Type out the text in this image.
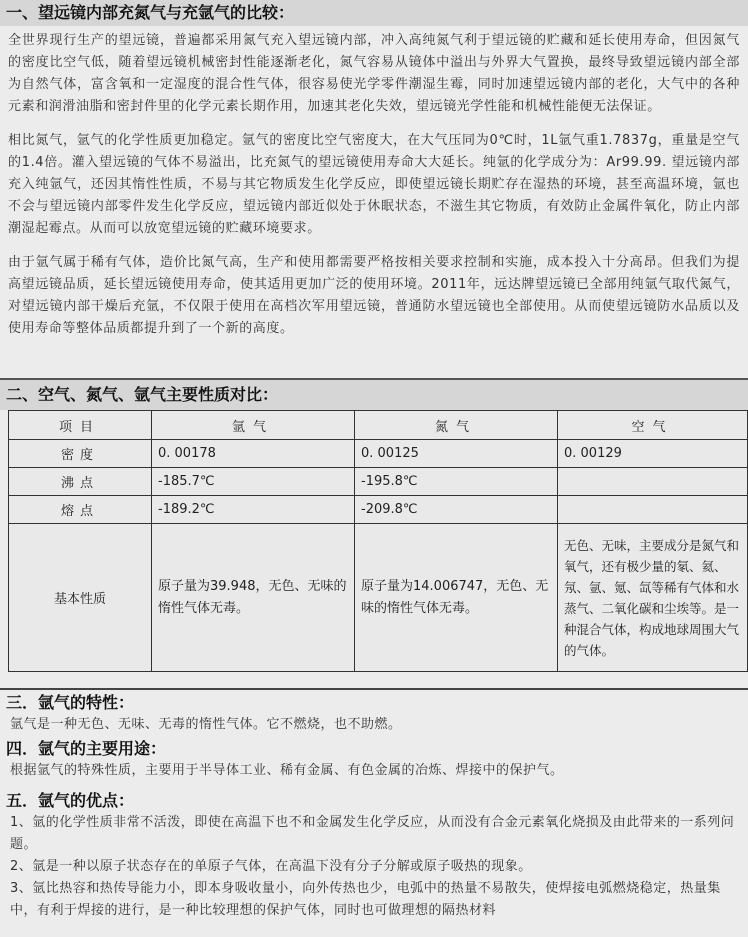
一、望远镜内部充氮气与充氩气的比较：
全世界现行生产的望远镜，普遍都采用氮气充入望远镜内部，冲入高纯氮气利于望远镜的贮藏和延长使用寿命，但因氮气的密度比空气低，随着望远镜机械密封性能逐渐老化，氮气容易从镜体中溢出与外界大气置换，最终导致望远镜内部全部为自然气体，富含氧和一定湿度的混合性气体，很容易使光学零件潮湿生霉，同时加速望远镜内部的老化，大气中的各种元素和润滑油脂和密封件里的化学元素长期作用，加速其老化失效，望远镜光学性能和机械性能便无法保证。
相比氮气，氩气的化学性质更加稳定。氩气的密度比空气密度大，在大气压同为0℃时，1L氩气重1.7837g，重量是空气的1.4倍。灌入望远镜的气体不易溢出，比充氮气的望远镜使用寿命大大延长。纯氩的化学成分为：Ar99.99. 望远镜内部充入纯氩气，还因其惰性性质，不易与其它物质发生化学反应，即使望远镜长期贮存在湿热的环境，甚至高温环境，氩也不会与望远镜内部零件发生化学反应，望远镜内部近似处于休眠状态，不滋生其它物质，有效防止金属件氧化，防止内部潮湿起霉点。从而可以放宽望远镜的贮藏环境要求。
由于氩气属于稀有气体，造价比氮气高，生产和使用都需要严格按相关要求控制和实施，成本投入十分高昂。但我们为提高望远镜品质，延长望远镜使用寿命，使其适用更加广泛的使用环境。2011年，远达牌望远镜已全部用纯氩气取代氮气，对望远镜内部干燥后充氩，不仅限于使用在高档次军用望远镜，普通防水望远镜也全部使用。从而使望远镜防水品质以及使用寿命等整体品质都提升到了一个新的高度。
二、空气、氮气、氩气主要性质对比：
项目	氩气	氮气	空气
密度	0. 00178	0. 00125	0. 00129
沸点	-185.7℃	-195.8℃	
熔点	-189.2℃	-209.8℃	
基本性质	原子量为39.948，无色、无味的惰性气体无毒。	原子量为14.006747，无色、无味的惰性气体无毒。	无色、无味，主要成分是氮气和氧气，还有极少量的氡、氦、氖、氩、氪、氙等稀有气体和水蒸气、二氧化碳和尘埃等。是一种混合气体，构成地球周围大气的气体。
三．氩气的特性：
氩气是一种无色、无味、无毒的惰性气体。它不燃烧，也不助燃。
四．氩气的主要用途：
根据氩气的特殊性质，主要用于半导体工业、稀有金属、有色金属的冶炼、焊接中的保护气。
五．氩气的优点：
1、氩的化学性质非常不活泼，即使在高温下也不和金属发生化学反应，从而没有合金元素氧化烧损及由此带来的一系列问题。
2、氩是一种以原子状态存在的单原子气体，在高温下没有分子分解或原子吸热的现象。
3、氩比热容和热传导能力小，即本身吸收量小，向外传热也少，电弧中的热量不易散失，使焊接电弧燃烧稳定，热量集中，有利于焊接的进行，是一种比较理想的保护气体，同时也可做理想的隔热材料
